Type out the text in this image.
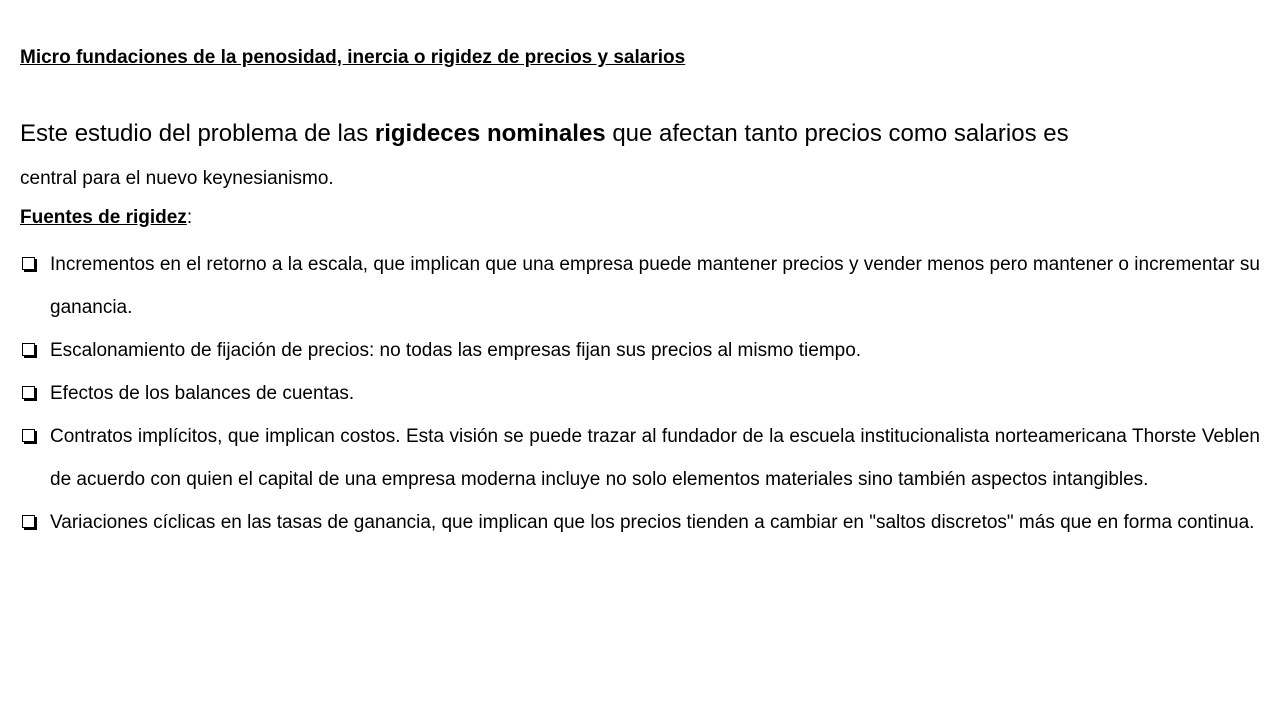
Micro fundaciones de la penosidad, inercia o rigidez de precios y salarios
Este estudio del problema de las rigideces nominales que afectan tanto precios como salarios es
central para el nuevo keynesianismo.
Fuentes de rigidez:
Incrementos en el retorno a la escala, que implican que una empresa puede mantener precios y vender menos pero mantener o incrementar su ganancia.
Escalonamiento de fijación de precios: no todas las empresas fijan sus precios al mismo tiempo.
Efectos de los balances de cuentas.
Contratos implícitos, que implican costos. Esta visión se puede trazar al fundador de la escuela institucionalista norteamericana Thorste Veblen de acuerdo con quien el capital de una empresa moderna incluye no solo elementos materiales sino también aspectos intangibles.
Variaciones cíclicas en las tasas de ganancia, que implican que los precios tienden a cambiar en "saltos discretos" más que en forma continua.
